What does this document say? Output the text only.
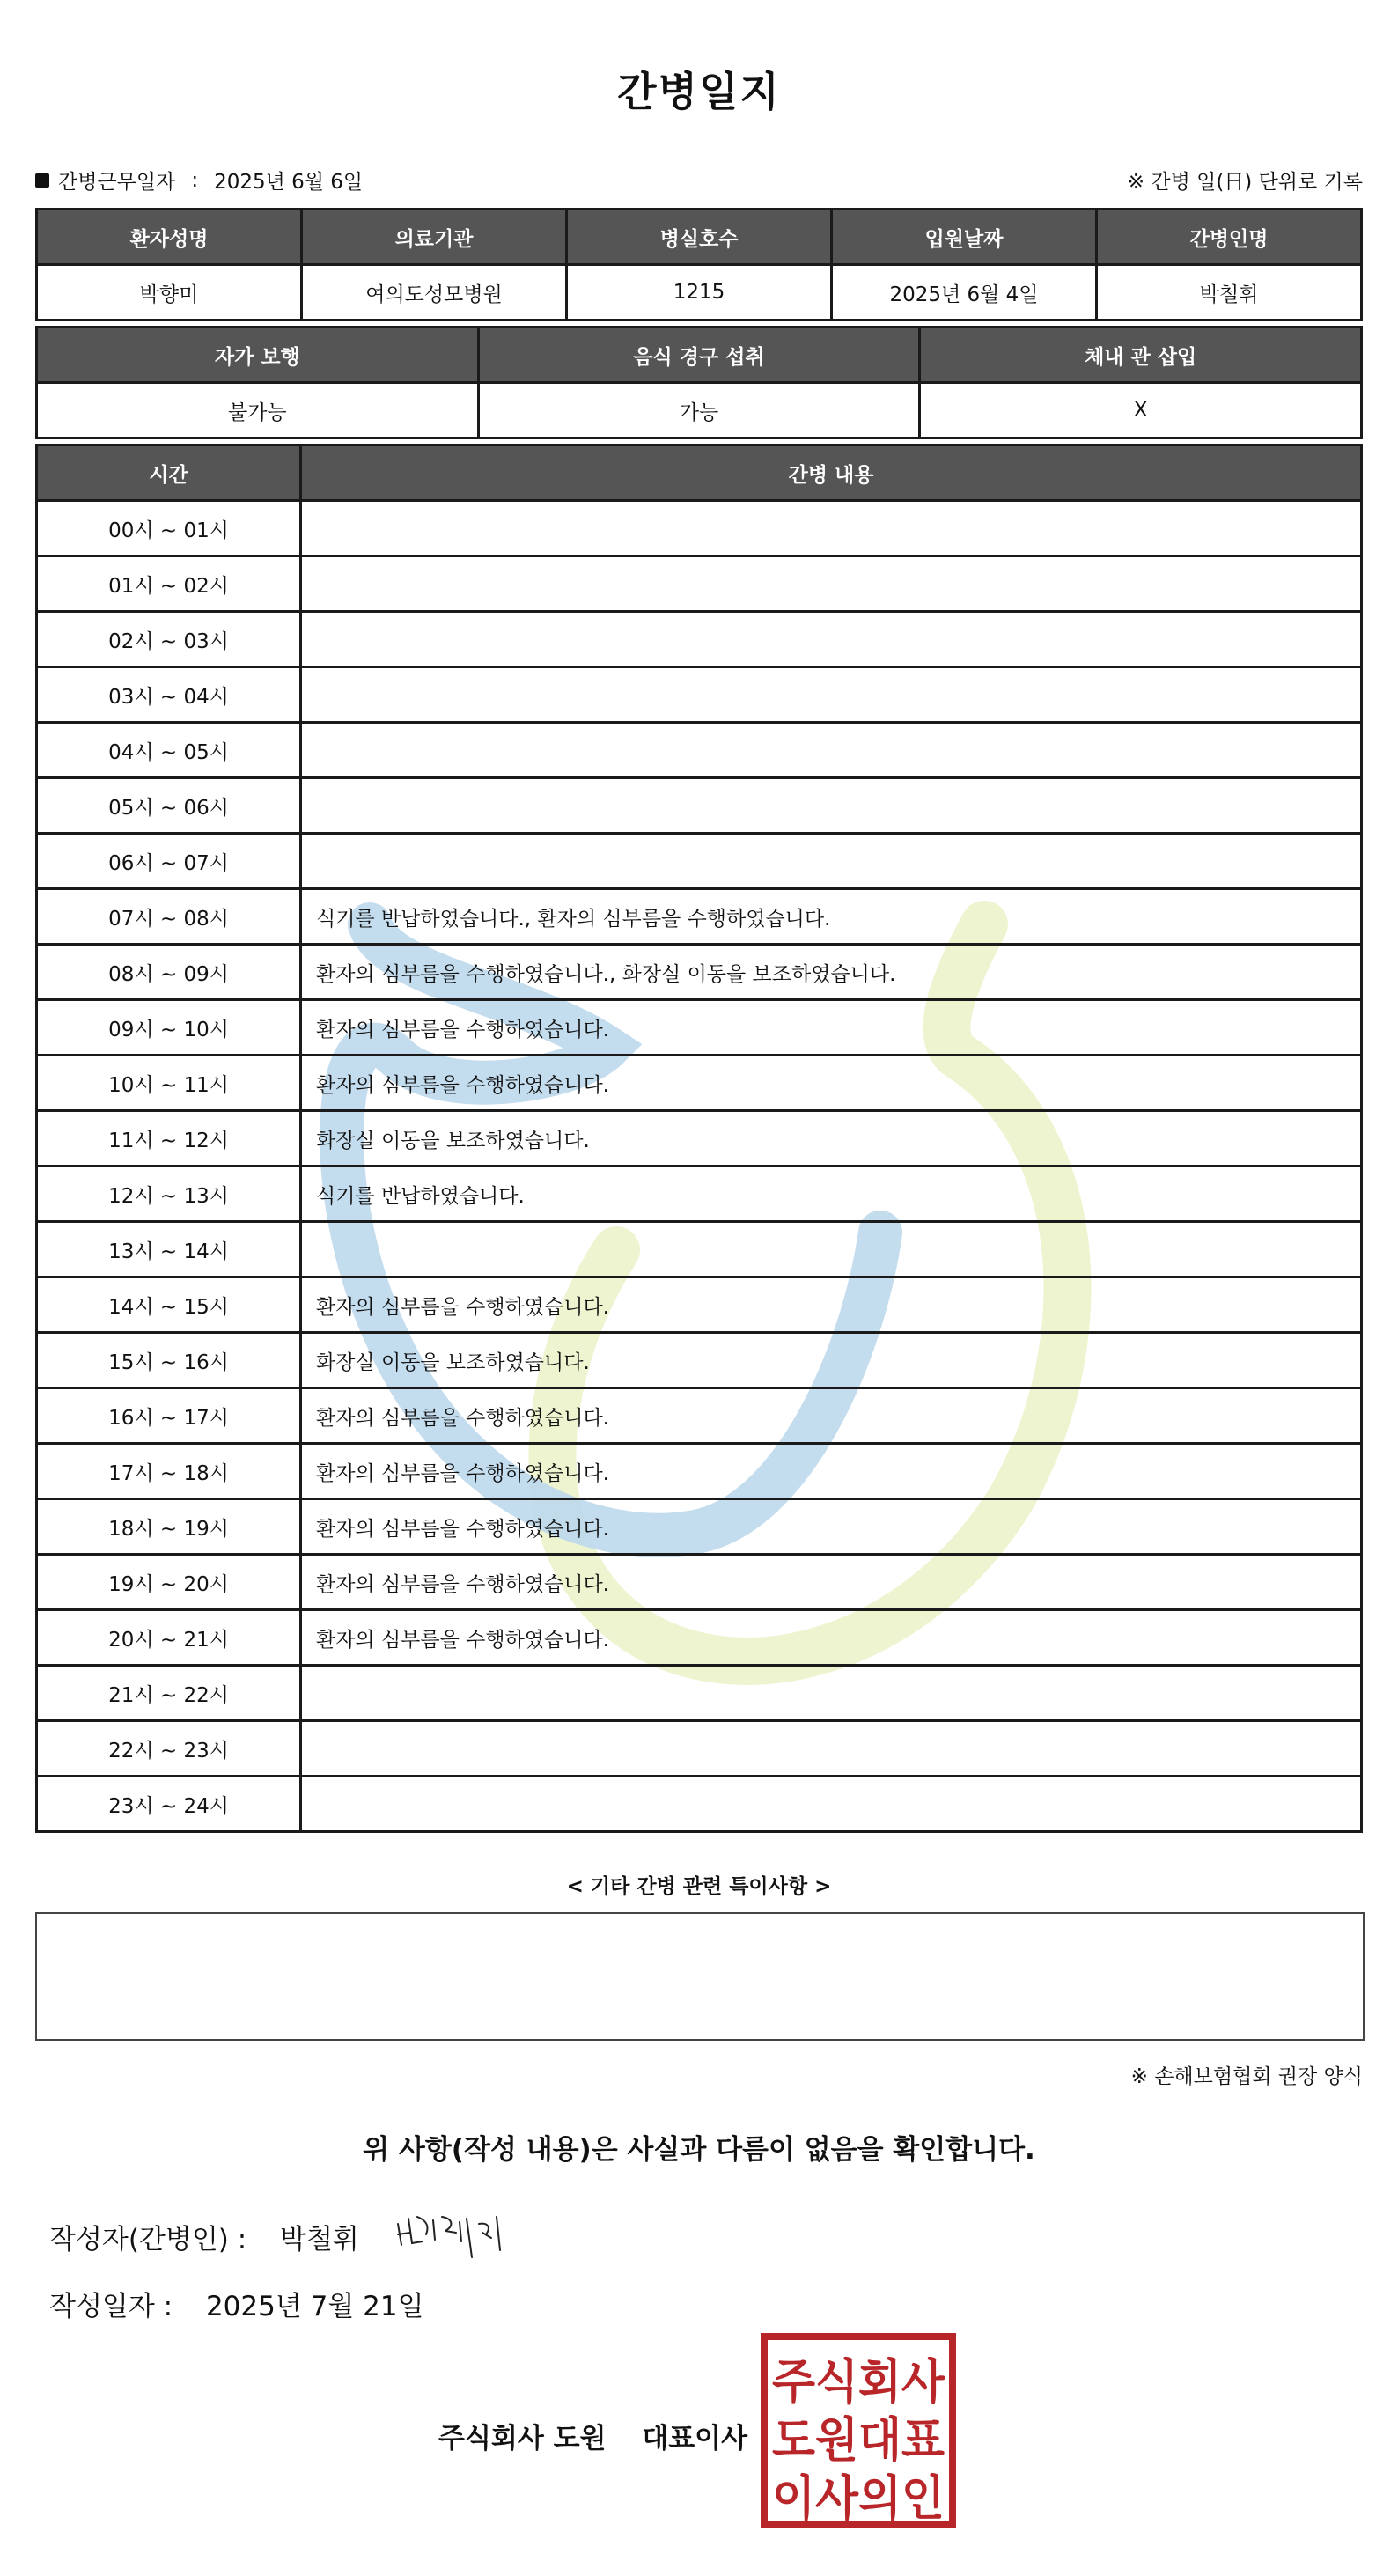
간병일지
간병근무일자 : 2025년 6월 6일	※ 간병 일(日) 단위로 기록
환자성명	의료기관	병실호수	입원날짜	간병인명
박향미	여의도성모병원	1215	2025년 6월 4일	박철휘
자가 보행	음식 경구 섭취	체내 관 삽입
불가능	가능	X
시간	간병 내용
00시 ~ 01시	
01시 ~ 02시	
02시 ~ 03시	
03시 ~ 04시	
04시 ~ 05시	
05시 ~ 06시	
06시 ~ 07시	
07시 ~ 08시	식기를 반납하였습니다., 환자의 심부름을 수행하였습니다.
08시 ~ 09시	환자의 심부름을 수행하였습니다., 화장실 이동을 보조하였습니다.
09시 ~ 10시	환자의 심부름을 수행하였습니다.
10시 ~ 11시	환자의 심부름을 수행하였습니다.
11시 ~ 12시	화장실 이동을 보조하였습니다.
12시 ~ 13시	식기를 반납하였습니다.
13시 ~ 14시	
14시 ~ 15시	환자의 심부름을 수행하였습니다.
15시 ~ 16시	화장실 이동을 보조하였습니다.
16시 ~ 17시	환자의 심부름을 수행하였습니다.
17시 ~ 18시	환자의 심부름을 수행하였습니다.
18시 ~ 19시	환자의 심부름을 수행하였습니다.
19시 ~ 20시	환자의 심부름을 수행하였습니다.
20시 ~ 21시	환자의 심부름을 수행하였습니다.
21시 ~ 22시	
22시 ~ 23시	
23시 ~ 24시	
< 기타 간병 관련 특이사항 >
※ 손해보험협회 권장 양식
위 사항(작성 내용)은 사실과 다름이 없음을 확인합니다.
작성자(간병인) : 박철휘
작성일자 : 2025년 7월 21일
주식회사 도원 대표이사
주식회사
도원대표
이사의인
